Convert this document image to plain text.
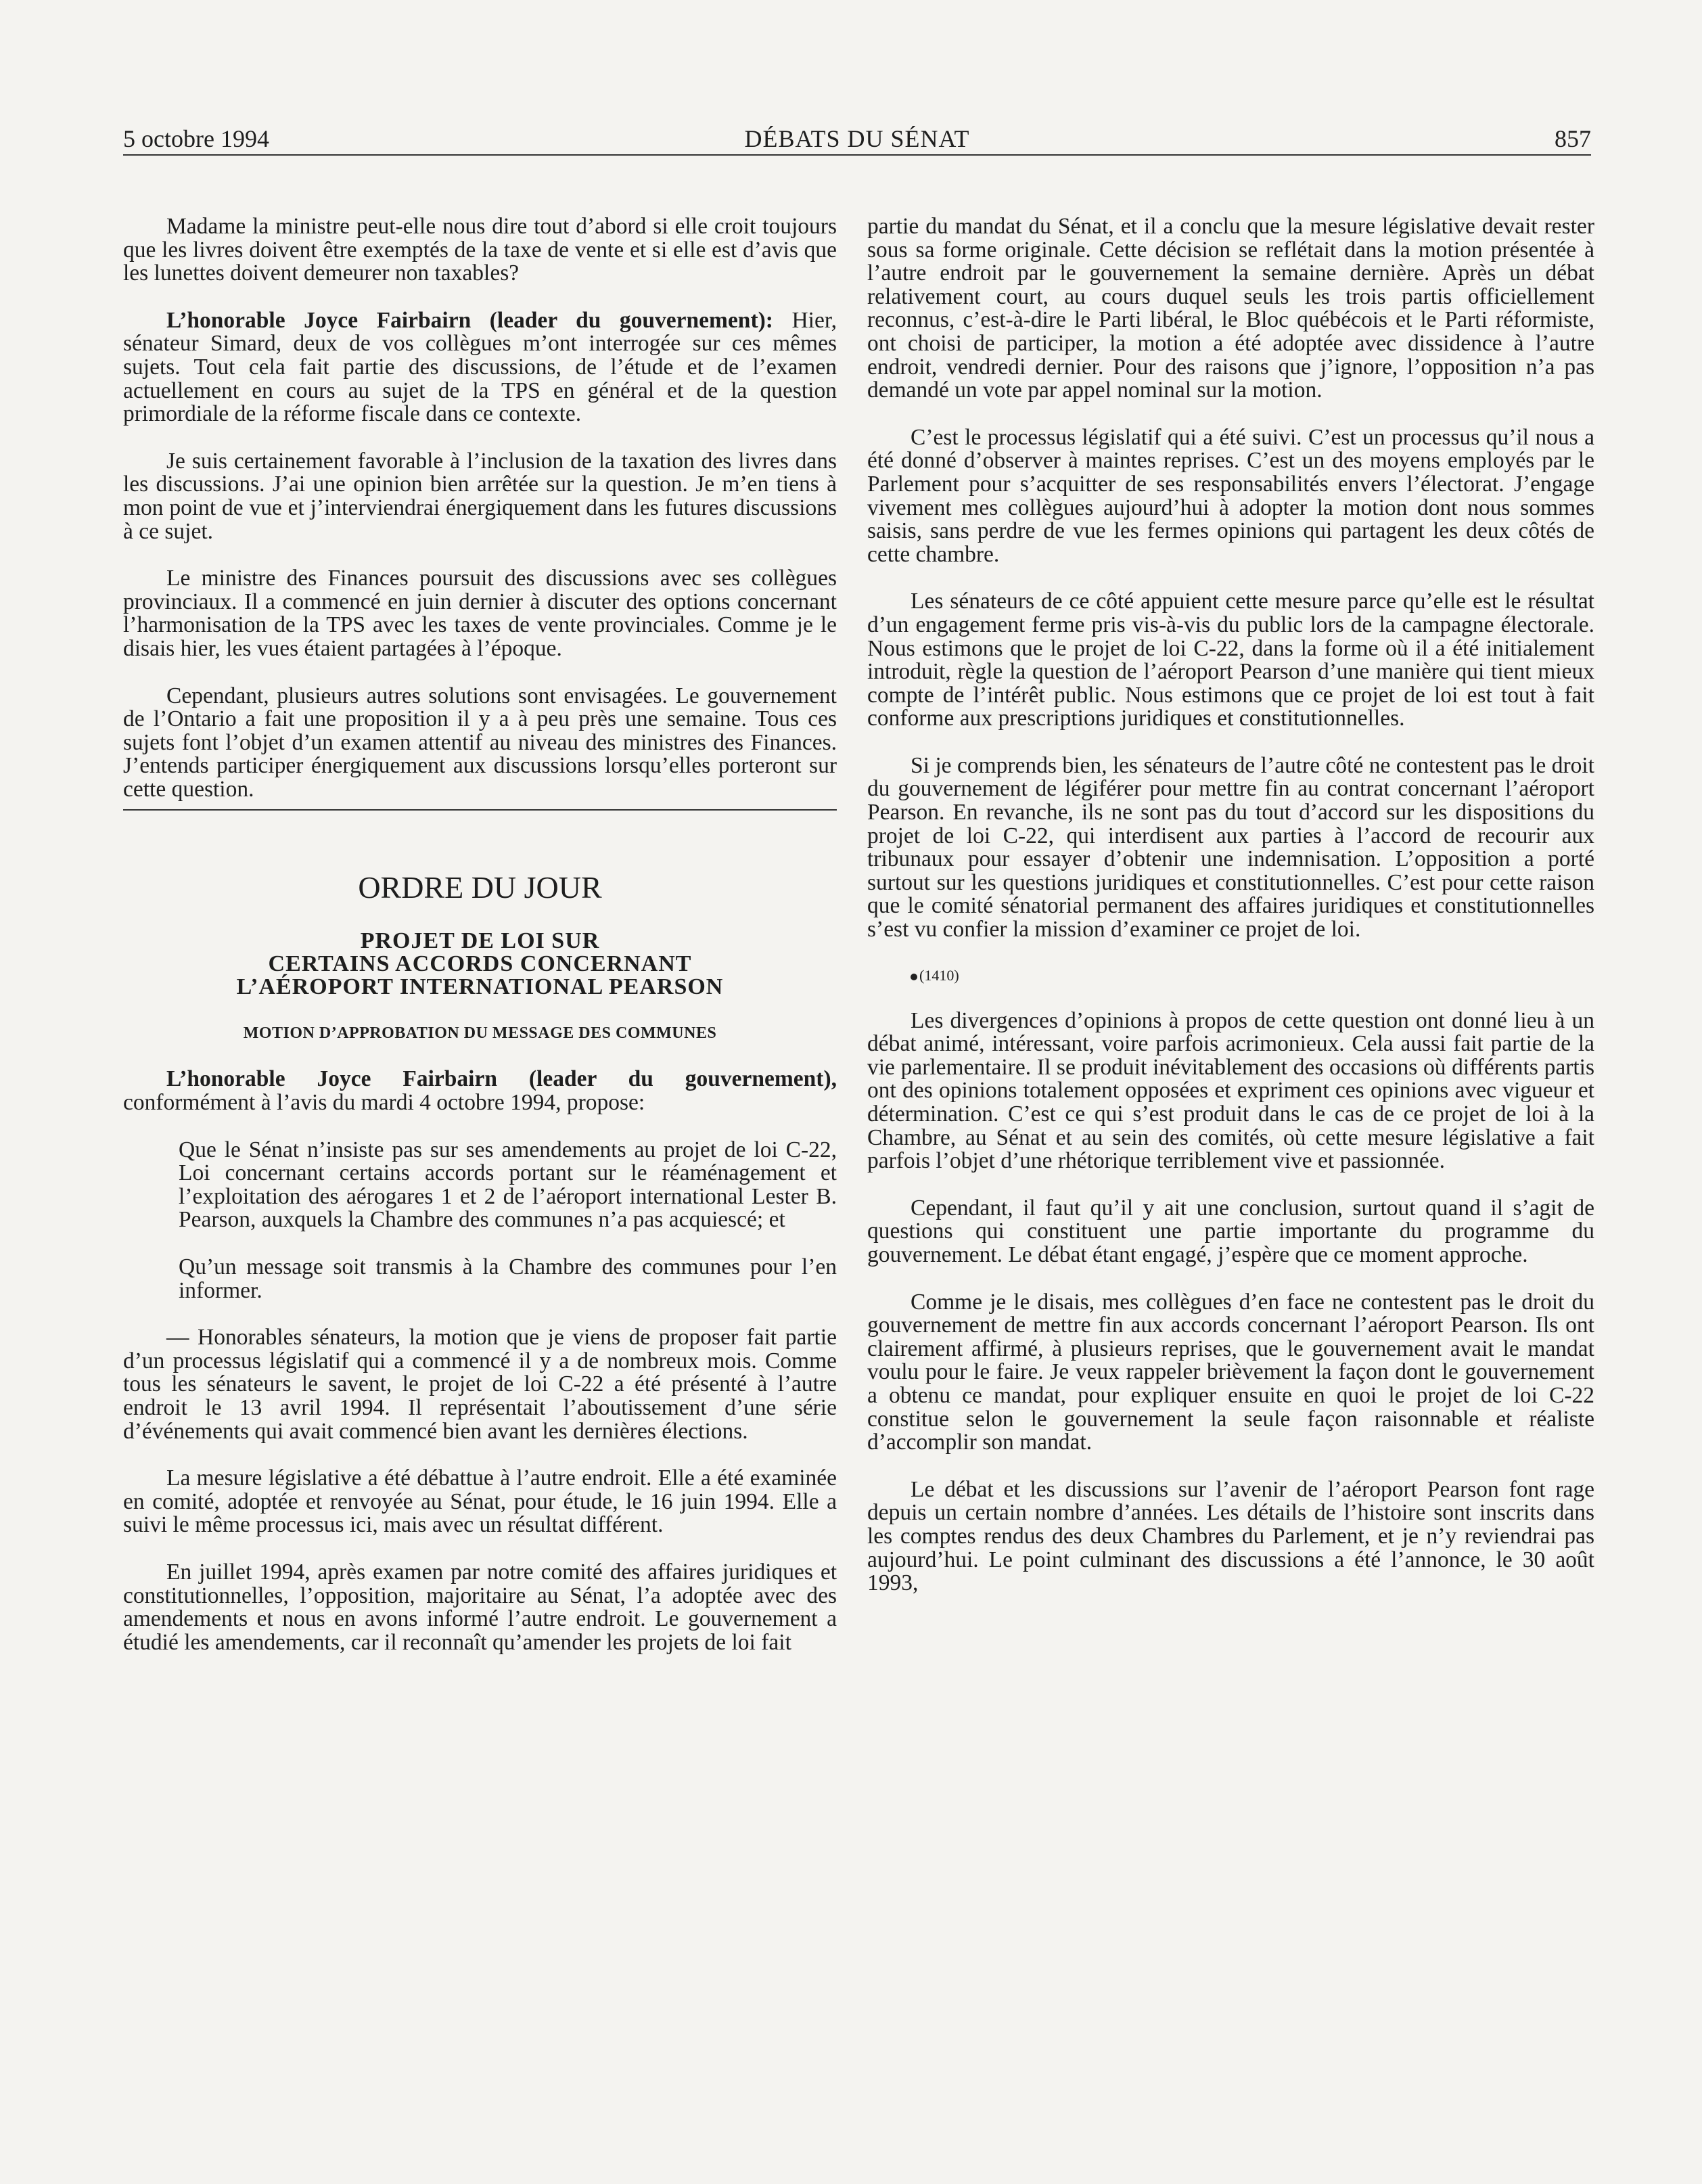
5 octobre 1994	DÉBATS DU SÉNAT	857

Madame la ministre peut-elle nous dire tout d’abord si elle croit toujours que les livres doivent être exemptés de la taxe de vente et si elle est d’avis que les lunettes doivent demeurer non taxables?

L’honorable Joyce Fairbairn (leader du gouvernement): Hier, sénateur Simard, deux de vos collègues m’ont interrogée sur ces mêmes sujets. Tout cela fait partie des discussions, de l’étude et de l’examen actuellement en cours au sujet de la TPS en général et de la question primordiale de la réforme fiscale dans ce contexte.

Je suis certainement favorable à l’inclusion de la taxation des livres dans les discussions. J’ai une opinion bien arrêtée sur la question. Je m’en tiens à mon point de vue et j’interviendrai énergiquement dans les futures discussions à ce sujet.

Le ministre des Finances poursuit des discussions avec ses collègues provinciaux. Il a commencé en juin dernier à discuter des options concernant l’harmonisation de la TPS avec les taxes de vente provinciales. Comme je le disais hier, les vues étaient partagées à l’époque.

Cependant, plusieurs autres solutions sont envisagées. Le gouvernement de l’Ontario a fait une proposition il y a à peu près une semaine. Tous ces sujets font l’objet d’un examen attentif au niveau des ministres des Finances. J’entends participer énergiquement aux discussions lorsqu’elles porteront sur cette question.

ORDRE DU JOUR
PROJET DE LOI SUR
CERTAINS ACCORDS CONCERNANT
L’AÉROPORT INTERNATIONAL PEARSON
MOTION D’APPROBATION DU MESSAGE DES COMMUNES

L’honorable Joyce Fairbairn (leader du gouvernement), conformément à l’avis du mardi 4 octobre 1994, propose:

Que le Sénat n’insiste pas sur ses amendements au projet de loi C-22, Loi concernant certains accords portant sur le réaménagement et l’exploitation des aérogares 1 et 2 de l’aéroport international Lester B. Pearson, auxquels la Chambre des communes n’a pas acquiescé; et

Qu’un message soit transmis à la Chambre des communes pour l’en informer.

— Honorables sénateurs, la motion que je viens de proposer fait partie d’un processus législatif qui a commencé il y a de nombreux mois. Comme tous les sénateurs le savent, le projet de loi C-22 a été présenté à l’autre endroit le 13 avril 1994. Il représentait l’aboutissement d’une série d’événements qui avait commencé bien avant les dernières élections.

La mesure législative a été débattue à l’autre endroit. Elle a été examinée en comité, adoptée et renvoyée au Sénat, pour étude, le 16 juin 1994. Elle a suivi le même processus ici, mais avec un résultat différent.

En juillet 1994, après examen par notre comité des affaires juridiques et constitutionnelles, l’opposition, majoritaire au Sénat, l’a adoptée avec des amendements et nous en avons informé l’autre endroit. Le gouvernement a étudié les amendements, car il reconnaît qu’amender les projets de loi fait

partie du mandat du Sénat, et il a conclu que la mesure législative devait rester sous sa forme originale. Cette décision se reflétait dans la motion présentée à l’autre endroit par le gouvernement la semaine dernière. Après un débat relativement court, au cours duquel seuls les trois partis officiellement reconnus, c’est-à-dire le Parti libéral, le Bloc québécois et le Parti réformiste, ont choisi de participer, la motion a été adoptée avec dissidence à l’autre endroit, vendredi dernier. Pour des raisons que j’ignore, l’opposition n’a pas demandé un vote par appel nominal sur la motion.

C’est le processus législatif qui a été suivi. C’est un processus qu’il nous a été donné d’observer à maintes reprises. C’est un des moyens employés par le Parlement pour s’acquitter de ses responsabilités envers l’électorat. J’engage vivement mes collègues aujourd’hui à adopter la motion dont nous sommes saisis, sans perdre de vue les fermes opinions qui partagent les deux côtés de cette chambre.

Les sénateurs de ce côté appuient cette mesure parce qu’elle est le résultat d’un engagement ferme pris vis-à-vis du public lors de la campagne électorale. Nous estimons que le projet de loi C-22, dans la forme où il a été initialement introduit, règle la question de l’aéroport Pearson d’une manière qui tient mieux compte de l’intérêt public. Nous estimons que ce projet de loi est tout à fait conforme aux prescriptions juridiques et constitutionnelles.

Si je comprends bien, les sénateurs de l’autre côté ne contestent pas le droit du gouvernement de légiférer pour mettre fin au contrat concernant l’aéroport Pearson. En revanche, ils ne sont pas du tout d’accord sur les dispositions du projet de loi C-22, qui interdisent aux parties à l’accord de recourir aux tribunaux pour essayer d’obtenir une indemnisation. L’opposition a porté surtout sur les questions juridiques et constitutionnelles. C’est pour cette raison que le comité sénatorial permanent des affaires juridiques et constitutionnelles s’est vu confier la mission d’examiner ce projet de loi.

(1410)

Les divergences d’opinions à propos de cette question ont donné lieu à un débat animé, intéressant, voire parfois acrimonieux. Cela aussi fait partie de la vie parlementaire. Il se produit inévitablement des occasions où différents partis ont des opinions totalement opposées et expriment ces opinions avec vigueur et détermination. C’est ce qui s’est produit dans le cas de ce projet de loi à la Chambre, au Sénat et au sein des comités, où cette mesure législative a fait parfois l’objet d’une rhétorique terriblement vive et passionnée.

Cependant, il faut qu’il y ait une conclusion, surtout quand il s’agit de questions qui constituent une partie importante du programme du gouvernement. Le débat étant engagé, j’espère que ce moment approche.

Comme je le disais, mes collègues d’en face ne contestent pas le droit du gouvernement de mettre fin aux accords concernant l’aéroport Pearson. Ils ont clairement affirmé, à plusieurs reprises, que le gouvernement avait le mandat voulu pour le faire. Je veux rappeler brièvement la façon dont le gouvernement a obtenu ce mandat, pour expliquer ensuite en quoi le projet de loi C-22 constitue selon le gouvernement la seule façon raisonnable et réaliste d’accomplir son mandat.

Le débat et les discussions sur l’avenir de l’aéroport Pearson font rage depuis un certain nombre d’années. Les détails de l’histoire sont inscrits dans les comptes rendus des deux Chambres du Parlement, et je n’y reviendrai pas aujourd’hui. Le point culminant des discussions a été l’annonce, le 30 août 1993,
